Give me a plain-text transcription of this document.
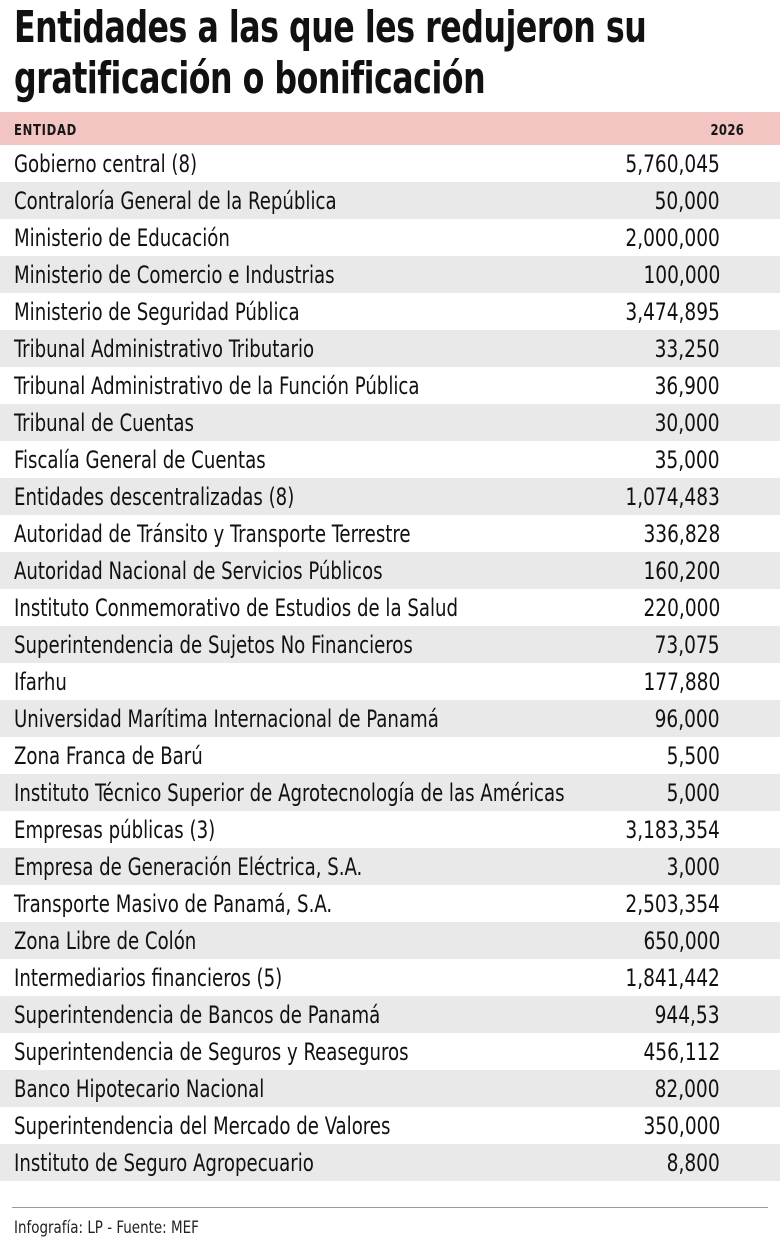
Entidades a las que les redujeron su
gratificación o bonificación
ENTIDAD	2026
Gobierno central (8)	5,760,045
Contraloría General de la República	50,000
Ministerio de Educación	2,000,000
Ministerio de Comercio e Industrias	100,000
Ministerio de Seguridad Pública	3,474,895
Tribunal Administrativo Tributario	33,250
Tribunal Administrativo de la Función Pública	36,900
Tribunal de Cuentas	30,000
Fiscalía General de Cuentas	35,000
Entidades descentralizadas (8)	1,074,483
Autoridad de Tránsito y Transporte Terrestre	336,828
Autoridad Nacional de Servicios Públicos	160,200
Instituto Conmemorativo de Estudios de la Salud	220,000
Superintendencia de Sujetos No Financieros	73,075
Ifarhu	177,880
Universidad Marítima Internacional de Panamá	96,000
Zona Franca de Barú	5,500
Instituto Técnico Superior de Agrotecnología de las Américas	5,000
Empresas públicas (3)	3,183,354
Empresa de Generación Eléctrica, S.A.	3,000
Transporte Masivo de Panamá, S.A.	2,503,354
Zona Libre de Colón	650,000
Intermediarios financieros (5)	1,841,442
Superintendencia de Bancos de Panamá	944,53
Superintendencia de Seguros y Reaseguros	456,112
Banco Hipotecario Nacional	82,000
Superintendencia del Mercado de Valores	350,000
Instituto de Seguro Agropecuario	8,800
Infografía: LP - Fuente: MEF
